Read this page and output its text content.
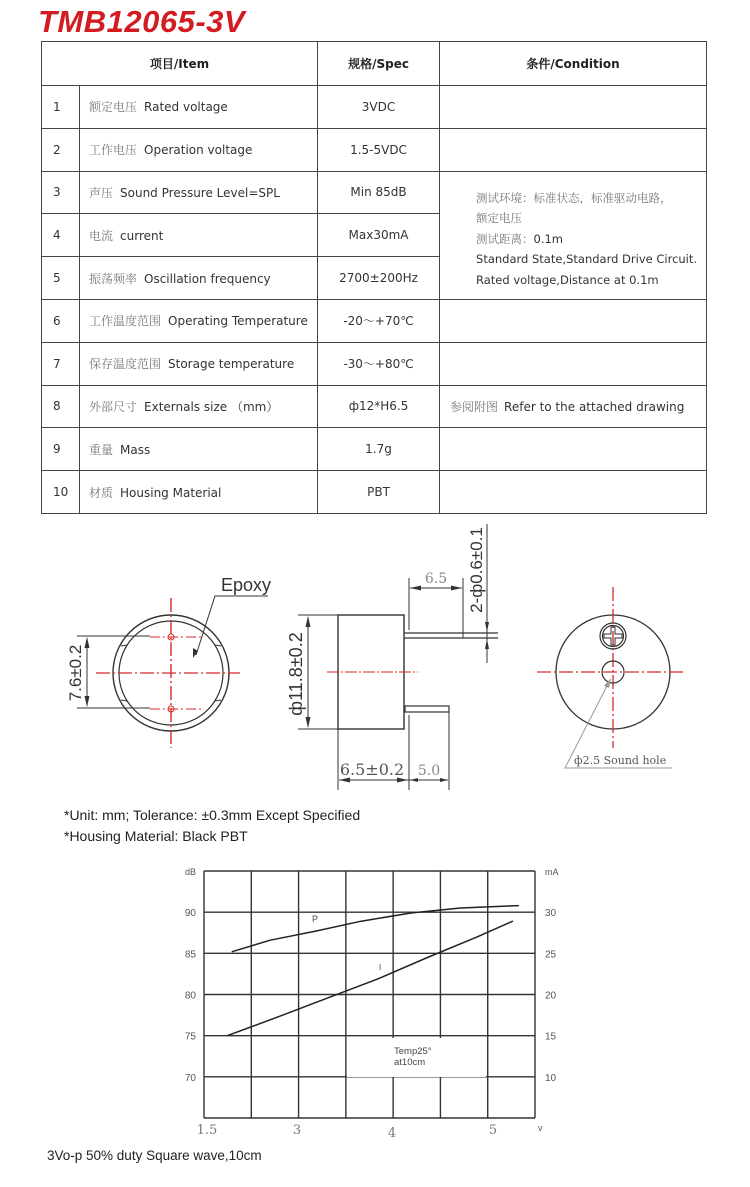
TMB12065-3V
项目/Item		规格/Spec	条件/Condition
1	额定电压 Rated voltage	3VDC	
2	工作电压 Operation voltage	1.5-5VDC	
3	声压 Sound Pressure Level=SPL	Min 85dB	测试环境：标准状态，标准驱动电路，
额定电压
测试距离：0.1m
Standard State,Standard Drive Circuit.
Rated voltage,Distance at 0.1m

4	电流 current	Max30mA	
5	振荡频率 Oscillation frequency	2700±200Hz	
6	工作温度范围 Operating Temperature	-20～+70℃	
7	保存温度范围 Storage temperature	-30～+80℃	
8	外部尺寸 Externals size （mm）	ф12*H6.5	参阅附图 Refer to the attached drawing
9	重量 Mass	1.7g	
10	材质 Housing Material	PBT	
7.6±0.2
Epoxy
ф11.8±0.2
6.5 2-ф0.6±0.1
6.5±0.2 5.0
ф2.5 Sound hole
*Unit: mm; Tolerance: ±0.3mm Except Specified
*Housing Material: Black PBT
P
I
dB
90
85
80
75
70
mA
30
25
20
15
10
1.5	3	4	5	v
Temp25°
at10cm
3Vo-p 50% duty Square wave,10cm
